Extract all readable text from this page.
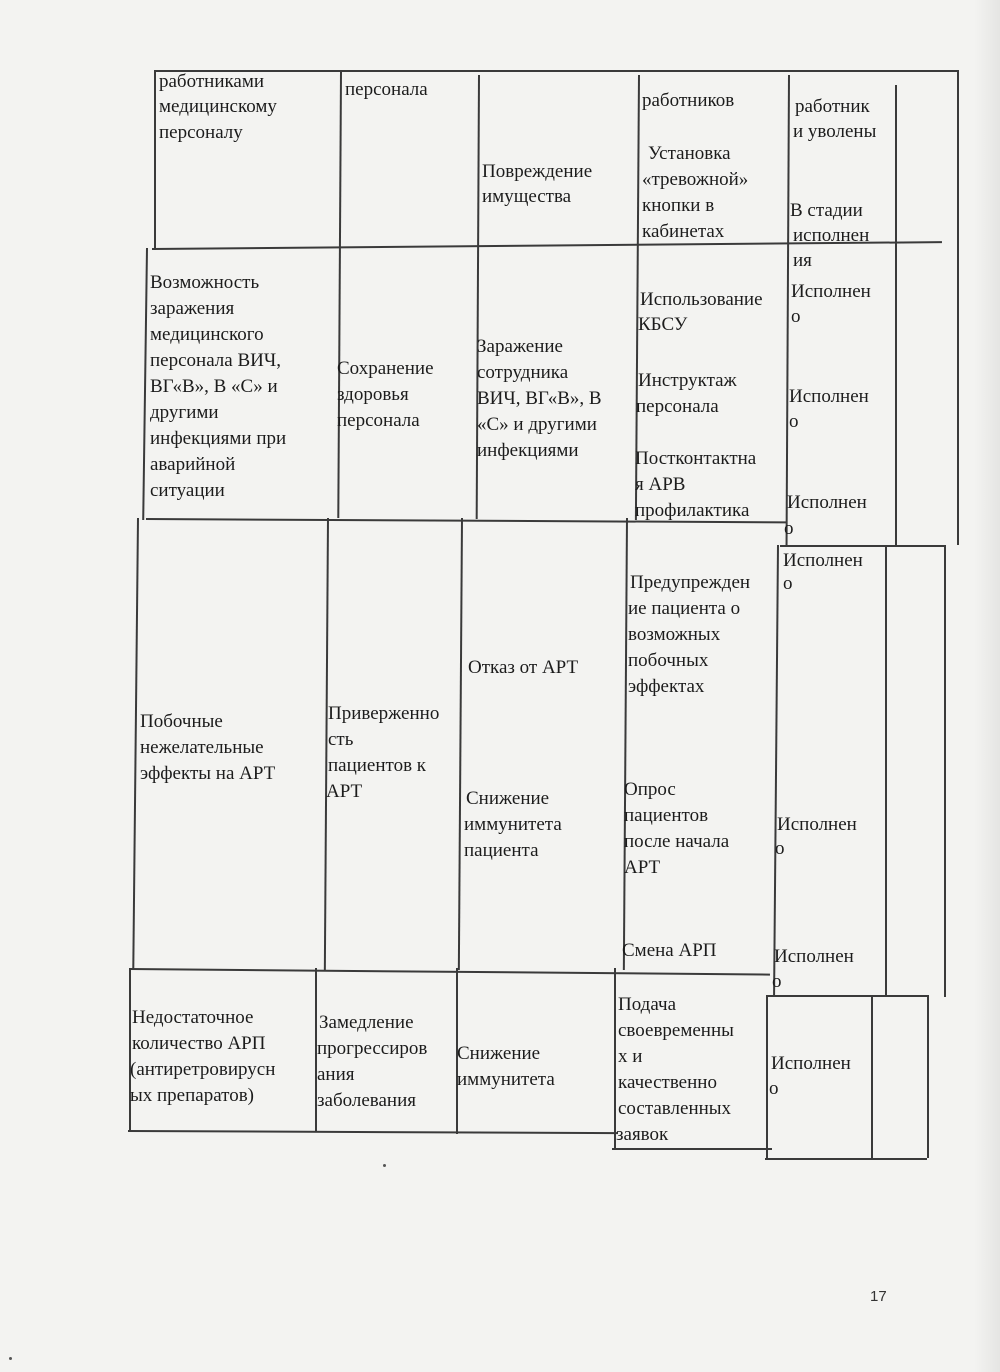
работниками
медицинскому
персоналу
персонала
Повреждение
имущества
работников
Установка
«тревожной»
кнопки в
кабинетах
работник
и уволены
В стадии
исполнен
ия
Возможность
заражения
медицинского
персонала ВИЧ,
ВГ«В», В «С» и
другими
инфекциями при
аварийной
ситуации
Сохранение
здоровья
персонала
Заражение
сотрудника
ВИЧ, ВГ«В», В
«С» и другими
инфекциями
Использование
КБСУ
Инструктаж
персонала
Постконтактна
я АРВ
профилактика
Исполнен
о
Исполнен
о
Исполнен
о
Побочные
нежелательные
эффекты на АРТ
Приверженно
сть
пациентов к
АРТ
Отказ от АРТ
Снижение
иммунитета
пациента
Предупрежден
ие пациента о
возможных
побочных
эффектах
Опрос
пациентов
после начала
АРТ
Смена АРП
Исполнен
о
Исполнен
о
Исполнен
о
Недостаточное
количество АРП
(антиретровирусн
ых препаратов)
Замедление
прогрессиров
ания
заболевания
Снижение
иммунитета
Подача
своевременны
х и
качественно
составленных
заявок
Исполнен
о
17
